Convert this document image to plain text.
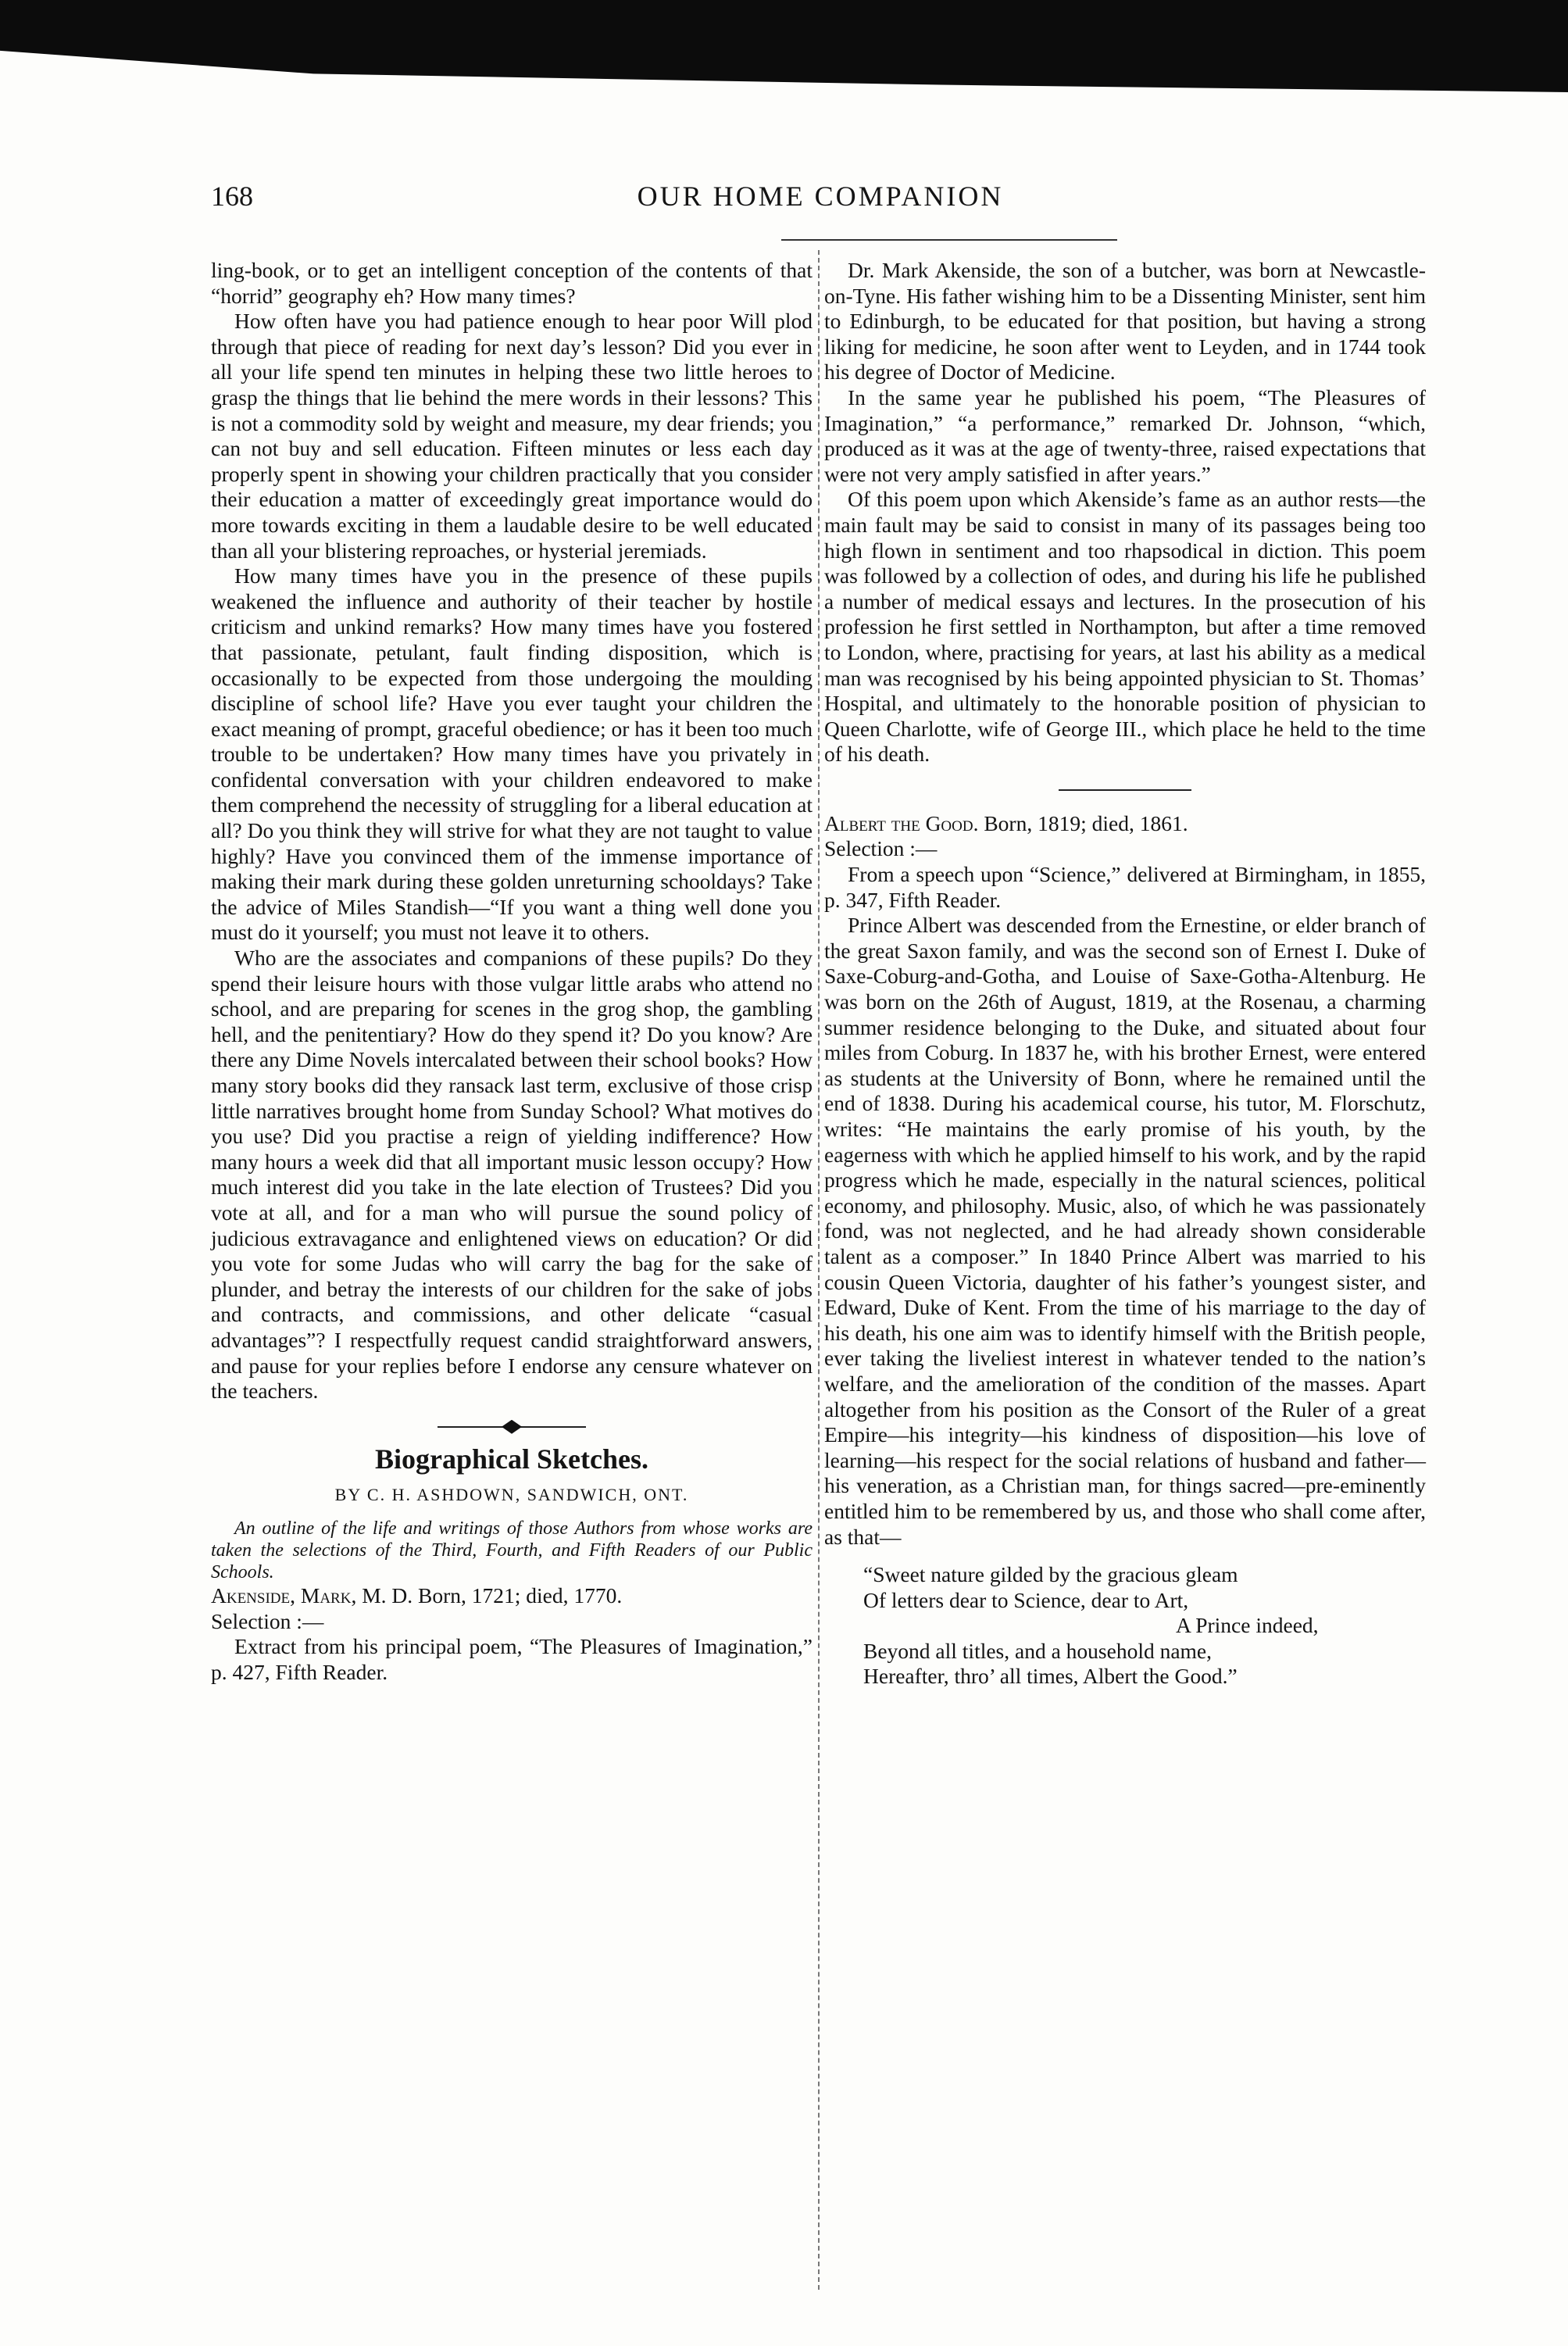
168	OUR HOME COMPANION

ling-book, or to get an intelligent conception of the contents of that “horrid” geography eh? How many times?

How often have you had patience enough to hear poor Will plod through that piece of reading for next day’s lesson? Did you ever in all your life spend ten minutes in helping these two little heroes to grasp the things that lie behind the mere words in their lessons? This is not a commodity sold by weight and measure, my dear friends; you can not buy and sell education. Fifteen minutes or less each day properly spent in showing your children practically that you consider their education a matter of exceedingly great importance would do more towards exciting in them a laudable desire to be well educated than all your blistering reproaches, or hysterial jeremiads.

How many times have you in the presence of these pupils weakened the influence and authority of their teacher by hostile criticism and unkind remarks? How many times have you fostered that passionate, petulant, fault finding disposition, which is occasionally to be expected from those undergoing the moulding discipline of school life? Have you ever taught your children the exact meaning of prompt, graceful obedience; or has it been too much trouble to be undertaken? How many times have you privately in confidental conversation with your children endeavored to make them comprehend the necessity of struggling for a liberal education at all? Do you think they will strive for what they are not taught to value highly? Have you convinced them of the immense importance of making their mark during these golden unreturning schooldays? Take the advice of Miles Standish—“If you want a thing well done you must do it yourself; you must not leave it to others.

Who are the associates and companions of these pupils? Do they spend their leisure hours with those vulgar little arabs who attend no school, and are preparing for scenes in the grog shop, the gambling hell, and the penitentiary? How do they spend it? Do you know? Are there any Dime Novels intercalated between their school books? How many story books did they ransack last term, exclusive of those crisp little narratives brought home from Sunday School? What motives do you use? Did you practise a reign of yielding indifference? How many hours a week did that all important music lesson occupy? How much interest did you take in the late election of Trustees? Did you vote at all, and for a man who will pursue the sound policy of judicious extravagance and enlightened views on education? Or did you vote for some Judas who will carry the bag for the sake of plunder, and betray the interests of our children for the sake of jobs and contracts, and commissions, and other delicate “casual advantages”? I respectfully request candid straightforward answers, and pause for your replies before I endorse any censure whatever on the teachers.

Biographical Sketches.
BY C. H. ASHDOWN, SANDWICH, ONT.

An outline of the life and writings of those Authors from whose works are taken the selections of the Third, Fourth, and Fifth Readers of our Public Schools.

Akenside, Mark, M. D. Born, 1721; died, 1770.

Selection :—

Extract from his principal poem, “The Pleasures of Imagination,” p. 427, Fifth Reader.

Dr. Mark Akenside, the son of a butcher, was born at Newcastle-on-Tyne. His father wishing him to be a Dissenting Minister, sent him to Edinburgh, to be educated for that position, but having a strong liking for medicine, he soon after went to Leyden, and in 1744 took his degree of Doctor of Medicine.

In the same year he published his poem, “The Pleasures of Imagination,” “a performance,” remarked Dr. Johnson, “which, produced as it was at the age of twenty-three, raised expectations that were not very amply satisfied in after years.”

Of this poem upon which Akenside’s fame as an author rests—the main fault may be said to consist in many of its passages being too high flown in sentiment and too rhapsodical in diction. This poem was followed by a collection of odes, and during his life he published a number of medical essays and lectures. In the prosecution of his profession he first settled in Northampton, but after a time removed to London, where, practising for years, at last his ability as a medical man was recognised by his being appointed physician to St. Thomas’ Hospital, and ultimately to the honorable position of physician to Queen Charlotte, wife of George III., which place he held to the time of his death.

Albert the Good. Born, 1819; died, 1861.

Selection :—

From a speech upon “Science,” delivered at Birmingham, in 1855, p. 347, Fifth Reader.

Prince Albert was descended from the Ernestine, or elder branch of the great Saxon family, and was the second son of Ernest I. Duke of Saxe-Coburg-and-Gotha, and Louise of Saxe-Gotha-Altenburg. He was born on the 26th of August, 1819, at the Rosenau, a charming summer residence belonging to the Duke, and situated about four miles from Coburg. In 1837 he, with his brother Ernest, were entered as students at the University of Bonn, where he remained until the end of 1838. During his academical course, his tutor, M. Florschutz, writes: “He maintains the early promise of his youth, by the eagerness with which he applied himself to his work, and by the rapid progress which he made, especially in the natural sciences, political economy, and philosophy. Music, also, of which he was passionately fond, was not neglected, and he had already shown considerable talent as a composer.” In 1840 Prince Albert was married to his cousin Queen Victoria, daughter of his father’s youngest sister, and Edward, Duke of Kent. From the time of his marriage to the day of his death, his one aim was to identify himself with the British people, ever taking the liveliest interest in whatever tended to the nation’s welfare, and the amelioration of the condition of the masses. Apart altogether from his position as the Consort of the Ruler of a great Empire—his integrity—his kindness of disposition—his love of learning—his respect for the social relations of husband and father—his veneration, as a Christian man, for things sacred—pre-eminently entitled him to be remembered by us, and those who shall come after, as that—

“Sweet nature gilded by the gracious gleam
Of letters dear to Science, dear to Art,
A Prince indeed,
Beyond all titles, and a household name,
Hereafter, thro’ all times, Albert the Good.”
